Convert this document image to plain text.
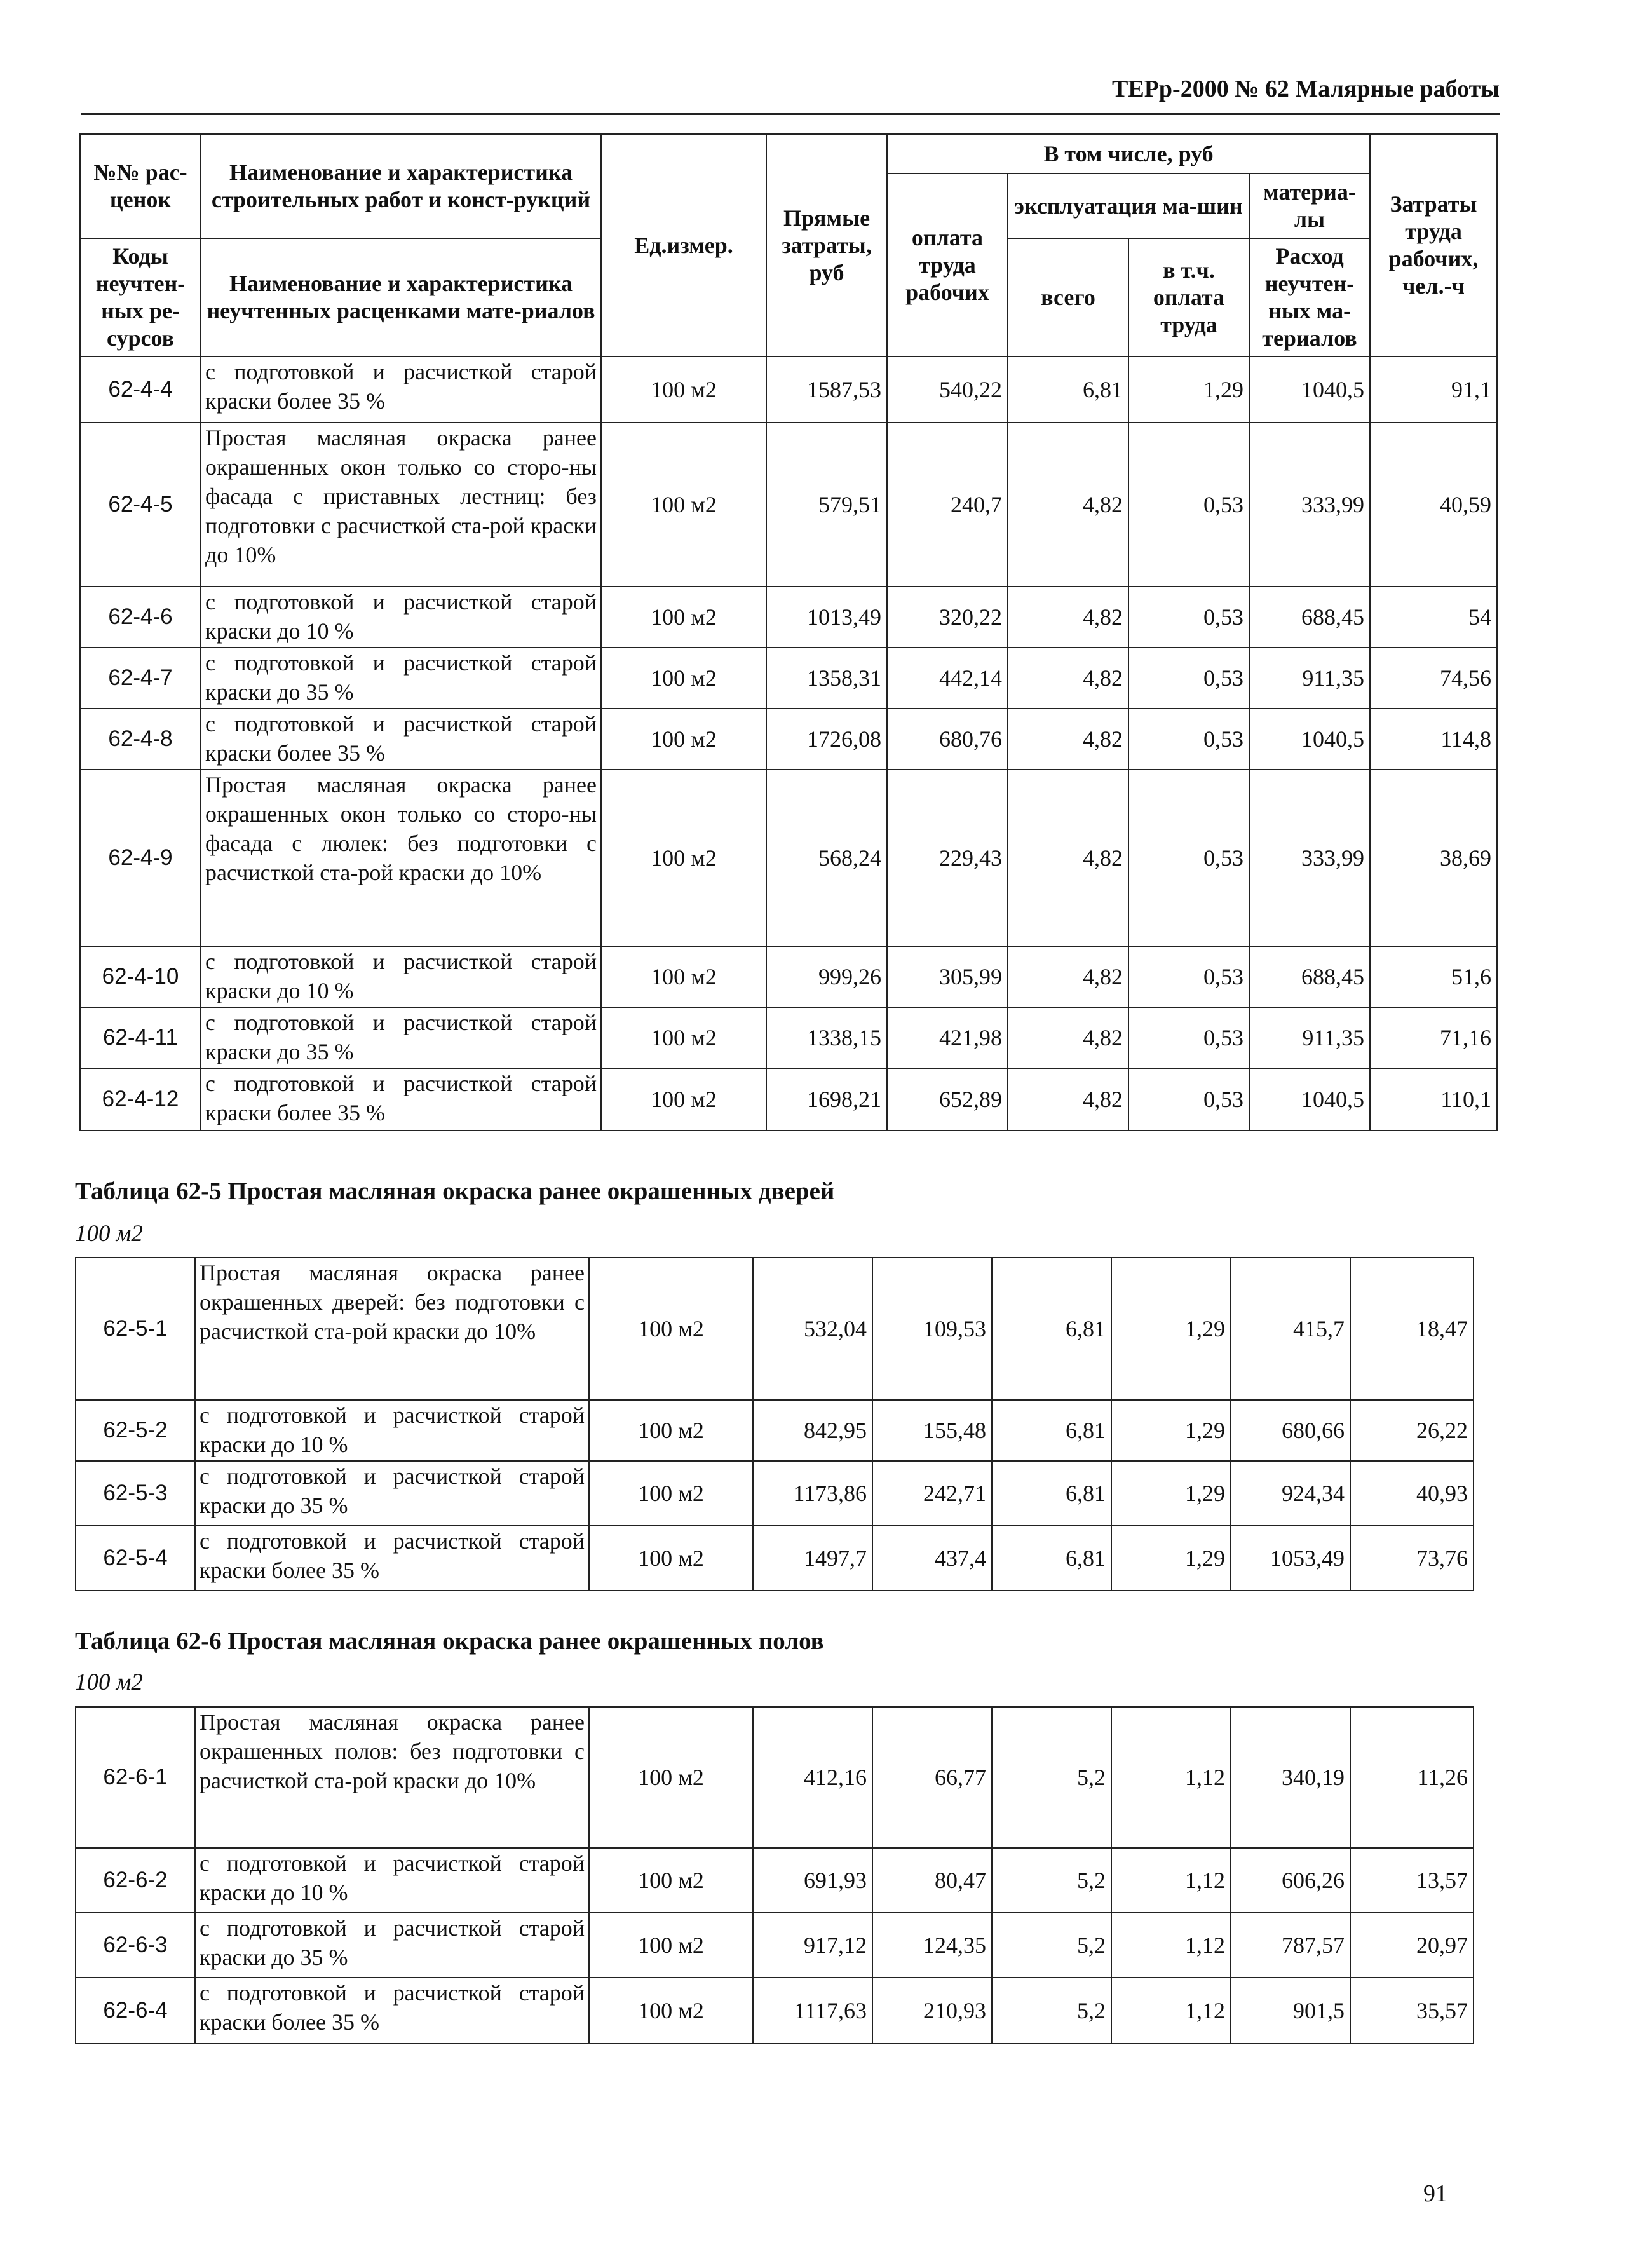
ТЕРр-2000 № 62 Малярные работы
№№ рас-ценок	Наименование и характеристика строительных работ и конст-рукций	Ед.измер.	Прямые затраты, руб	В том числе, руб				Затраты труда рабочих, чел.-ч
				оплата труда рабочих	эксплуатация ма-шин		материа-лы	

Коды неучтен-ных ре-сурсов	Наименование и характеристика неучтенных расценками мате-риалов				всего	в т.ч. оплата труда	Расход неучтен-ных ма-териалов	

62-4-4	с подготовкой и расчисткой старой краски более 35 %	100 м2	1587,53	540,22	6,81	1,29	1040,5	91,1
62-4-5	Простая масляная окраска ранее окрашенных окон только со сторо-ны фасада с приставных лестниц: без подготовки с расчисткой ста-рой краски до 10%	100 м2	579,51	240,7	4,82	0,53	333,99	40,59
62-4-6	с подготовкой и расчисткой старой краски до 10 %	100 м2	1013,49	320,22	4,82	0,53	688,45	54
62-4-7	с подготовкой и расчисткой старой краски до 35 %	100 м2	1358,31	442,14	4,82	0,53	911,35	74,56
62-4-8	с подготовкой и расчисткой старой краски более 35 %	100 м2	1726,08	680,76	4,82	0,53	1040,5	114,8
62-4-9	Простая масляная окраска ранее окрашенных окон только со сторо-ны фасада с люлек: без подготовки с расчисткой ста-рой краски до 10%	100 м2	568,24	229,43	4,82	0,53	333,99	38,69
62-4-10	с подготовкой и расчисткой старой краски до 10 %	100 м2	999,26	305,99	4,82	0,53	688,45	51,6
62-4-11	с подготовкой и расчисткой старой краски до 35 %	100 м2	1338,15	421,98	4,82	0,53	911,35	71,16
62-4-12	с подготовкой и расчисткой старой краски более 35 %	100 м2	1698,21	652,89	4,82	0,53	1040,5	110,1
Таблица 62-5 Простая масляная окраска ранее окрашенных дверей
100 м2
62-5-1	Простая масляная окраска ранее окрашенных дверей: без подготовки с расчисткой ста-рой краски до 10%	100 м2	532,04	109,53	6,81	1,29	415,7	18,47
62-5-2	с подготовкой и расчисткой старой краски до 10 %	100 м2	842,95	155,48	6,81	1,29	680,66	26,22
62-5-3	с подготовкой и расчисткой старой краски до 35 %	100 м2	1173,86	242,71	6,81	1,29	924,34	40,93
62-5-4	с подготовкой и расчисткой старой краски более 35 %	100 м2	1497,7	437,4	6,81	1,29	1053,49	73,76
Таблица 62-6 Простая масляная окраска ранее окрашенных полов
100 м2
62-6-1	Простая масляная окраска ранее окрашенных полов: без подготовки с расчисткой ста-рой краски до 10%	100 м2	412,16	66,77	5,2	1,12	340,19	11,26
62-6-2	с подготовкой и расчисткой старой краски до 10 %	100 м2	691,93	80,47	5,2	1,12	606,26	13,57
62-6-3	с подготовкой и расчисткой старой краски до 35 %	100 м2	917,12	124,35	5,2	1,12	787,57	20,97
62-6-4	с подготовкой и расчисткой старой краски более 35 %	100 м2	1117,63	210,93	5,2	1,12	901,5	35,57
91
